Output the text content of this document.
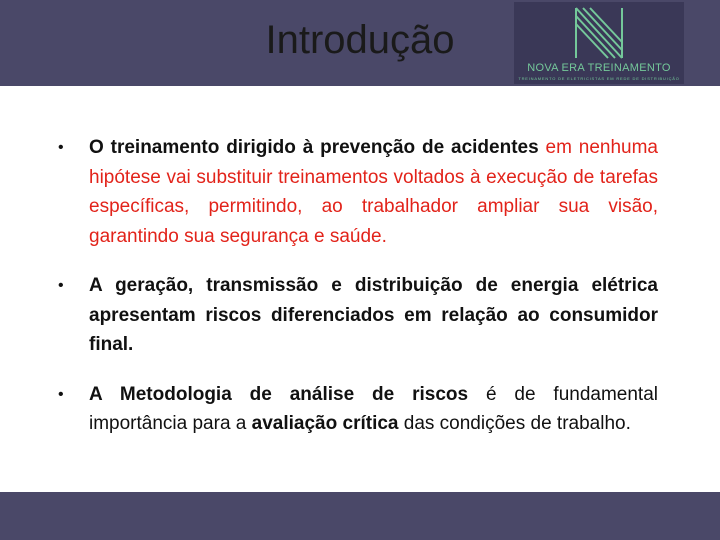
Introdução
NOVA ERA TREINAMENTO
TREINAMENTO DE ELETRICISTAS EM REDE DE DISTRIBUIÇÃO
• O treinamento dirigido à prevenção de acidentes em nenhuma hipótese vai substituir treinamentos voltados à execução de tarefas específicas, permitindo, ao trabalhador ampliar sua visão, garantindo sua segurança e saúde.
• A geração, transmissão e distribuição de energia elétrica apresentam riscos diferenciados em relação ao consumidor final.
• A Metodologia de análise de riscos é de fundamental importância para a avaliação crítica das condições de trabalho.
